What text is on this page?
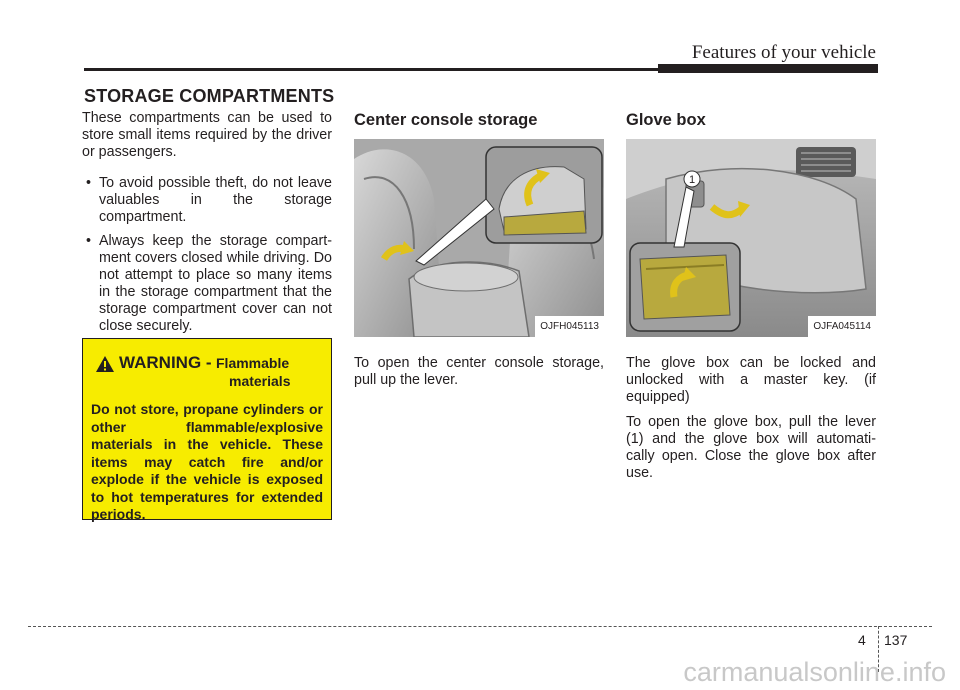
Features of your vehicle
STORAGE COMPARTMENTS

These compartments can be used to store small items required by the driver or passengers.

• To avoid possible theft, do not leave valuables in the storage compartment.
• Always keep the storage compart- ment covers closed while driving. Do not attempt to place so many items in the storage compartment that the storage compartment cover can not close securely.
WARNING - Flammable
materials

Do not store, propane cylinders or other flammable/explosive materials in the vehicle. These items may catch fire and/or explode if the vehicle is exposed to hot temperatures for extended periods.

Center console storage
OJFH045113

To open the center console storage, pull up the lever.

Glove box
1
OJFA045114

The glove box can be locked and unlocked with a master key. (if equipped)

To open the glove box, pull the lever (1) and the glove box will automati- cally open. Close the glove box after use.

4 137
carmanualsonline.info
